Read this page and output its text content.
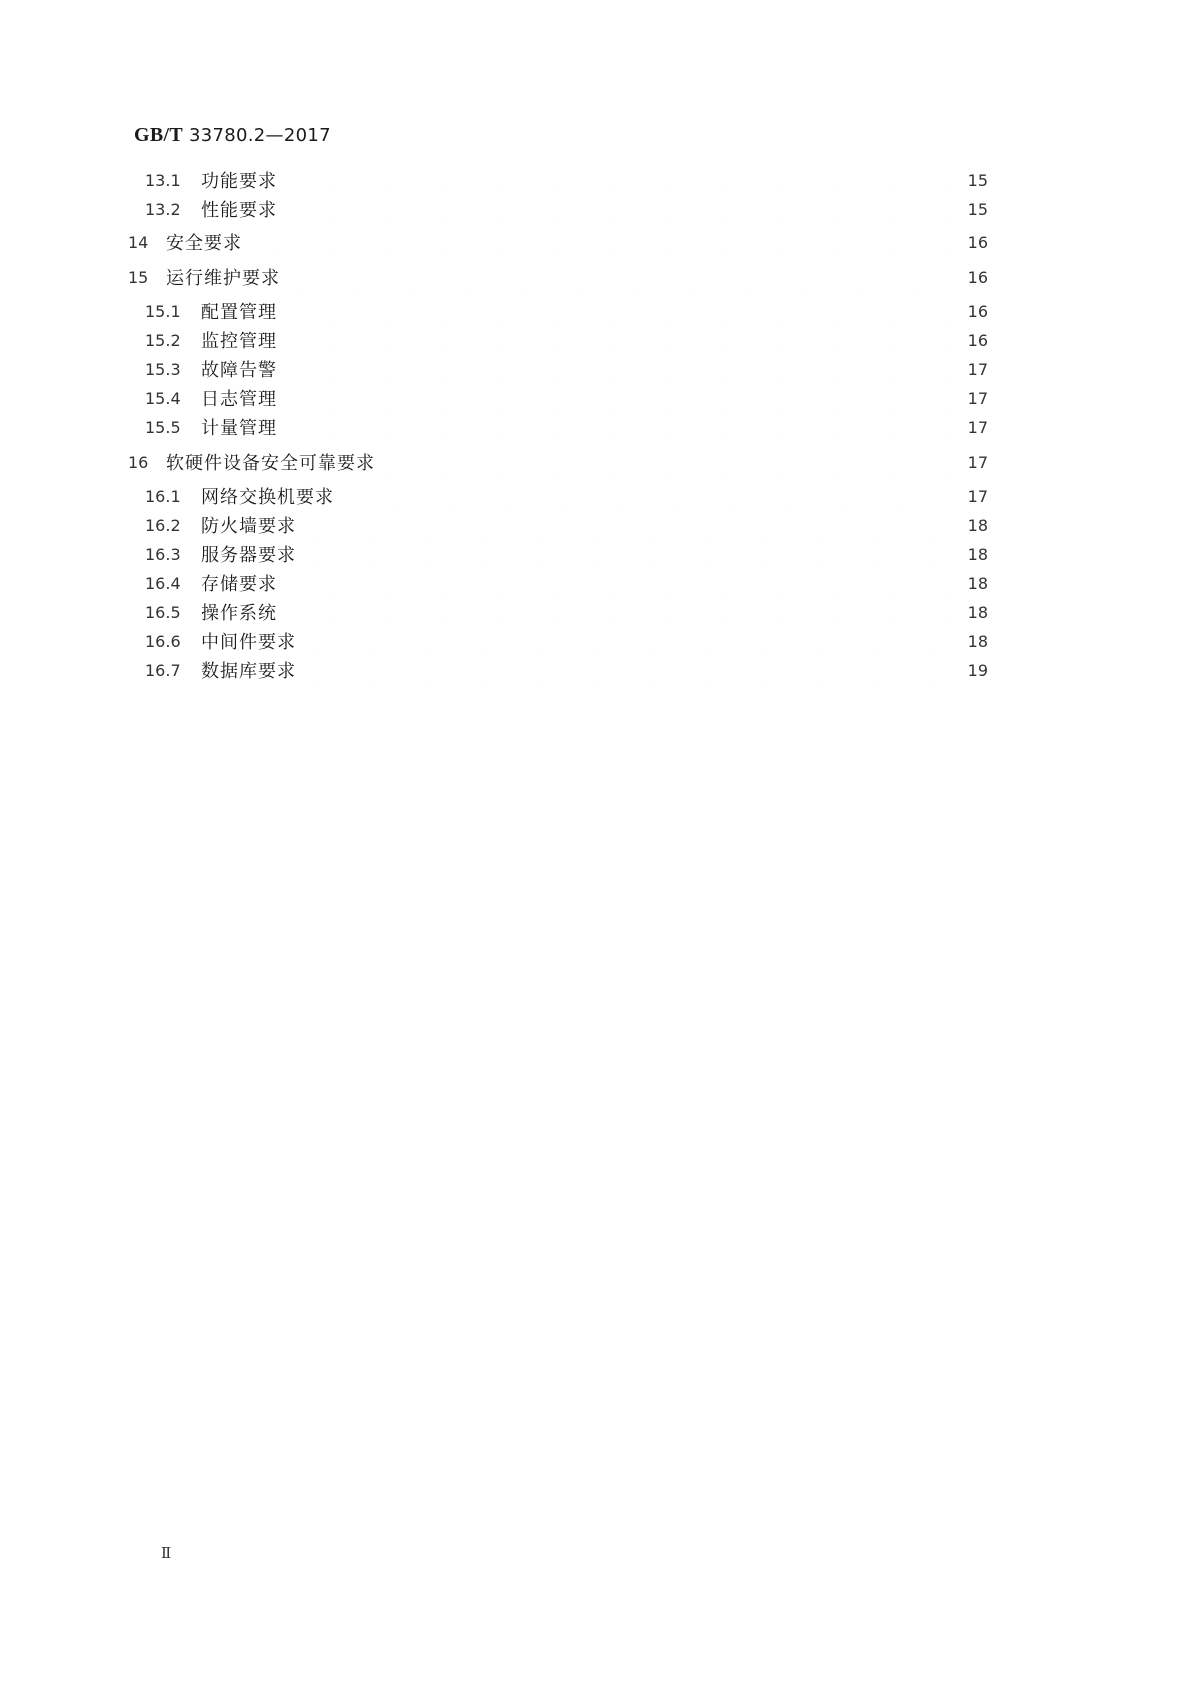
GB/T 33780.2—2017
13.1	功能要求	15
13.2	性能要求	15
14 安全要求	16
15 运行维护要求	16
15.1	配置管理	16
15.2	监控管理	16
15.3	故障告警	17
15.4	日志管理	17
15.5	计量管理	17
16 软硬件设备安全可靠要求	17
16.1	网络交换机要求	17
16.2	防火墙要求	18
16.3	服务器要求	18
16.4	存储要求	18
16.5	操作系统	18
16.6	中间件要求	18
16.7	数据库要求	19
Ⅱ
